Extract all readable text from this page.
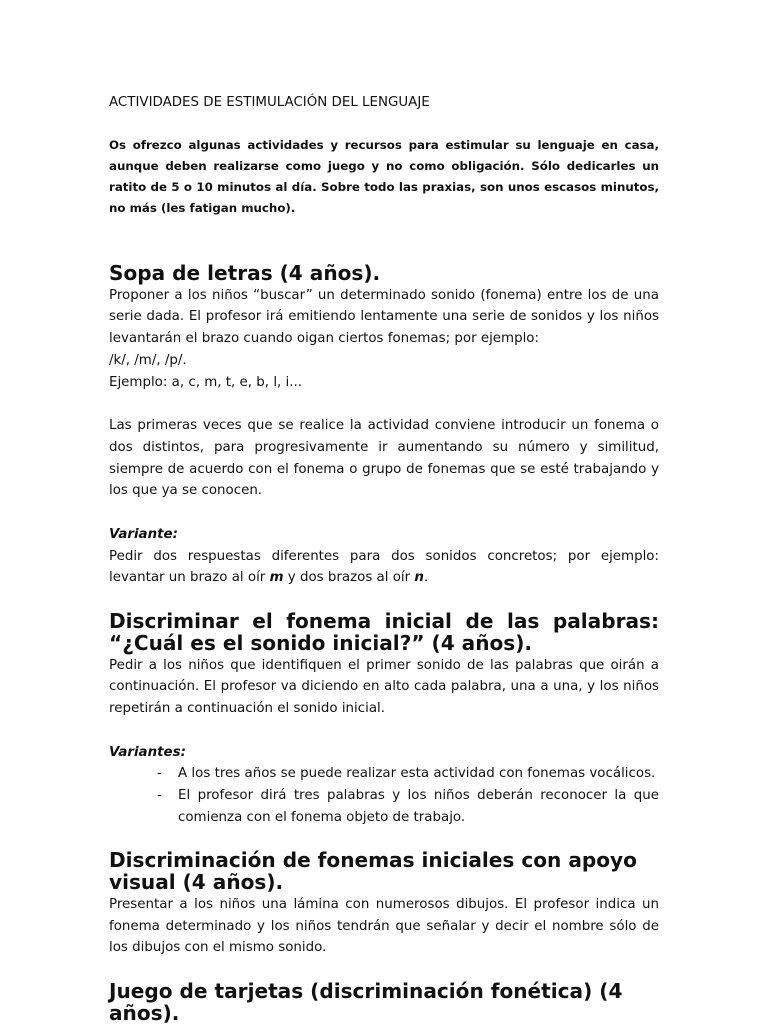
ACTIVIDADES DE ESTIMULACIÓN DEL LENGUAJE

Os ofrezco algunas actividades y recursos para estimular su lenguaje en casa, aunque deben realizarse como juego y no como obligación. Sólo dedicarles un ratito de 5 o 10 minutos al día. Sobre todo las praxias, son unos escasos minutos, no más (les fatigan mucho).

Sopa de letras (4 años).

Proponer a los niños “buscar” un determinado sonido (fonema) entre los de una serie dada. El profesor irá emitiendo lentamente una serie de sonidos y los niños levantarán el brazo cuando oigan ciertos fonemas; por ejemplo:

/k/, /m/, /p/.

Ejemplo: a, c, m, t, e, b, l, i...

Las primeras veces que se realice la actividad conviene introducir un fonema o dos distintos, para progresivamente ir aumentando su número y similitud, siempre de acuerdo con el fonema o grupo de fonemas que se esté trabajando y los que ya se conocen.

Variante:

Pedir dos respuestas diferentes para dos sonidos concretos; por ejemplo: levantar un brazo al oír m y dos brazos al oír n.

Discriminar el fonema inicial de las palabras: “¿Cuál es el sonido inicial?” (4 años).

Pedir a los niños que identifiquen el primer sonido de las palabras que oirán a continuación. El profesor va diciendo en alto cada palabra, una a una, y los niños repetirán a continuación el sonido inicial.

Variantes:

- A los tres años se puede realizar esta actividad con fonemas vocálicos.
- El profesor dirá tres palabras y los niños deberán reconocer la que comienza con el fonema objeto de trabajo.
Discriminación de fonemas iniciales con apoyo visual (4 años).

Presentar a los niños una lámina con numerosos dibujos. El profesor indica un fonema determinado y los niños tendrán que señalar y decir el nombre sólo de los dibujos con el mismo sonido.

Juego de tarjetas (discriminación fonética) (4 años).
